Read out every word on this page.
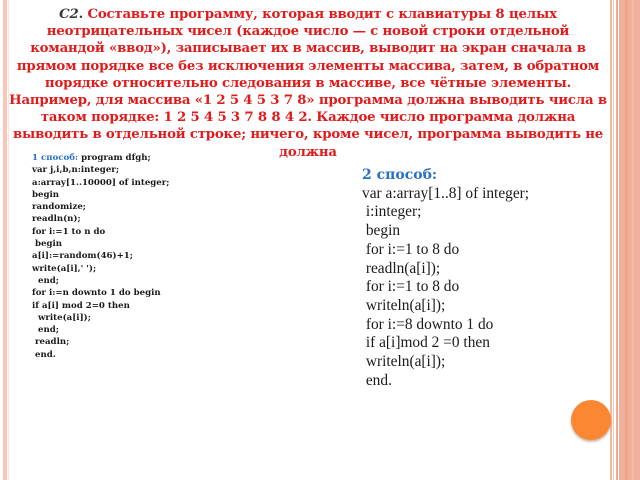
С2. Составьте программу, которая вводит с клавиатуры 8 целых неотрицательных чисел (каждое число — с новой строки отдельной командой «ввод»), записывает их в массив, выводит на экран сначала в прямом порядке все без исключения элементы массива, затем, в обратном порядке относительно следования в массиве, все чётные элементы. Например, для массива «1 2 5 4 5 3 7 8» программа должна выводить числа в таком порядке: 1 2 5 4 5 3 7 8 8 4 2. Каждое число программа должна выводить в отдельной строке; ничего, кроме чисел, программа выводить не должна
1 способ: program dfgh;
var j,i,b,n:integer;
a:array[1..10000] of integer;
begin
randomize;
readln(n);
for i:=1 to n do
begin
a[i]:=random(46)+1;
write(a[i],' ');
end;
for i:=n downto 1 do begin
if a[i] mod 2=0 then
write(a[i]);
end;
readln;
end.
2 способ:
var a:array[1..8] of integer;
i:integer;
begin
for i:=1 to 8 do
readln(a[i]);
for i:=1 to 8 do
writeln(a[i]);
for i:=8 downto 1 do
if a[i]mod 2 =0 then
writeln(a[i]);
end.
